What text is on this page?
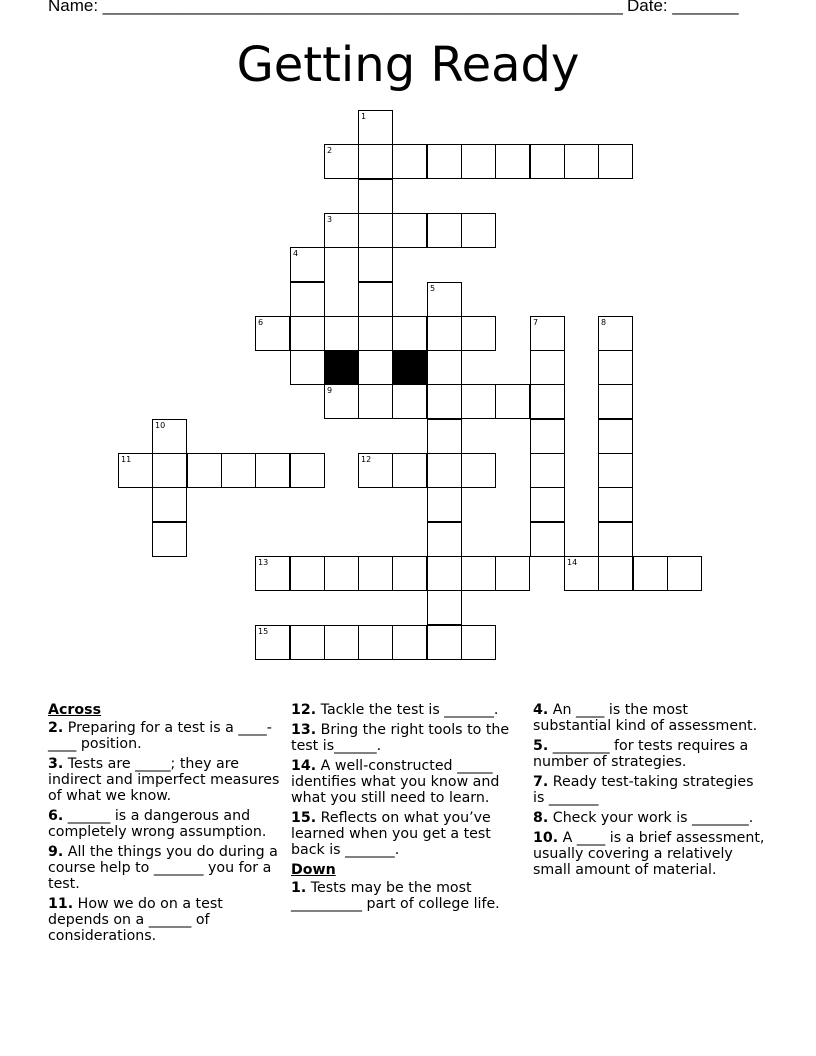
Name: _______________________________________________________ Date: _______
Getting Ready
1
2
3
4
5
6	7	8
9
10
11	12
13	14
15

Across

2. Preparing for a test is a ____-____ position.

3. Tests are _____; they are indirect and imperfect measures of what we know.

6. ______ is a dangerous and completely wrong assumption.

9. All the things you do during a course help to _______ you for a test.

11. How we do on a test depends on a ______ of considerations.

12. Tackle the test is _______.

13. Bring the right tools to the test is______.

14. A well-constructed _____ identifies what you know and what you still need to learn.

15. Reflects on what you’ve learned when you get a test back is _______.

Down

1. Tests may be the most __________ part of college life.

4. An ____ is the most substantial kind of assessment.

5. ________ for tests requires a number of strategies.

7. Ready test-taking strategies is _______

8. Check your work is ________.

10. A ____ is a brief assessment, usually covering a relatively small amount of material.
